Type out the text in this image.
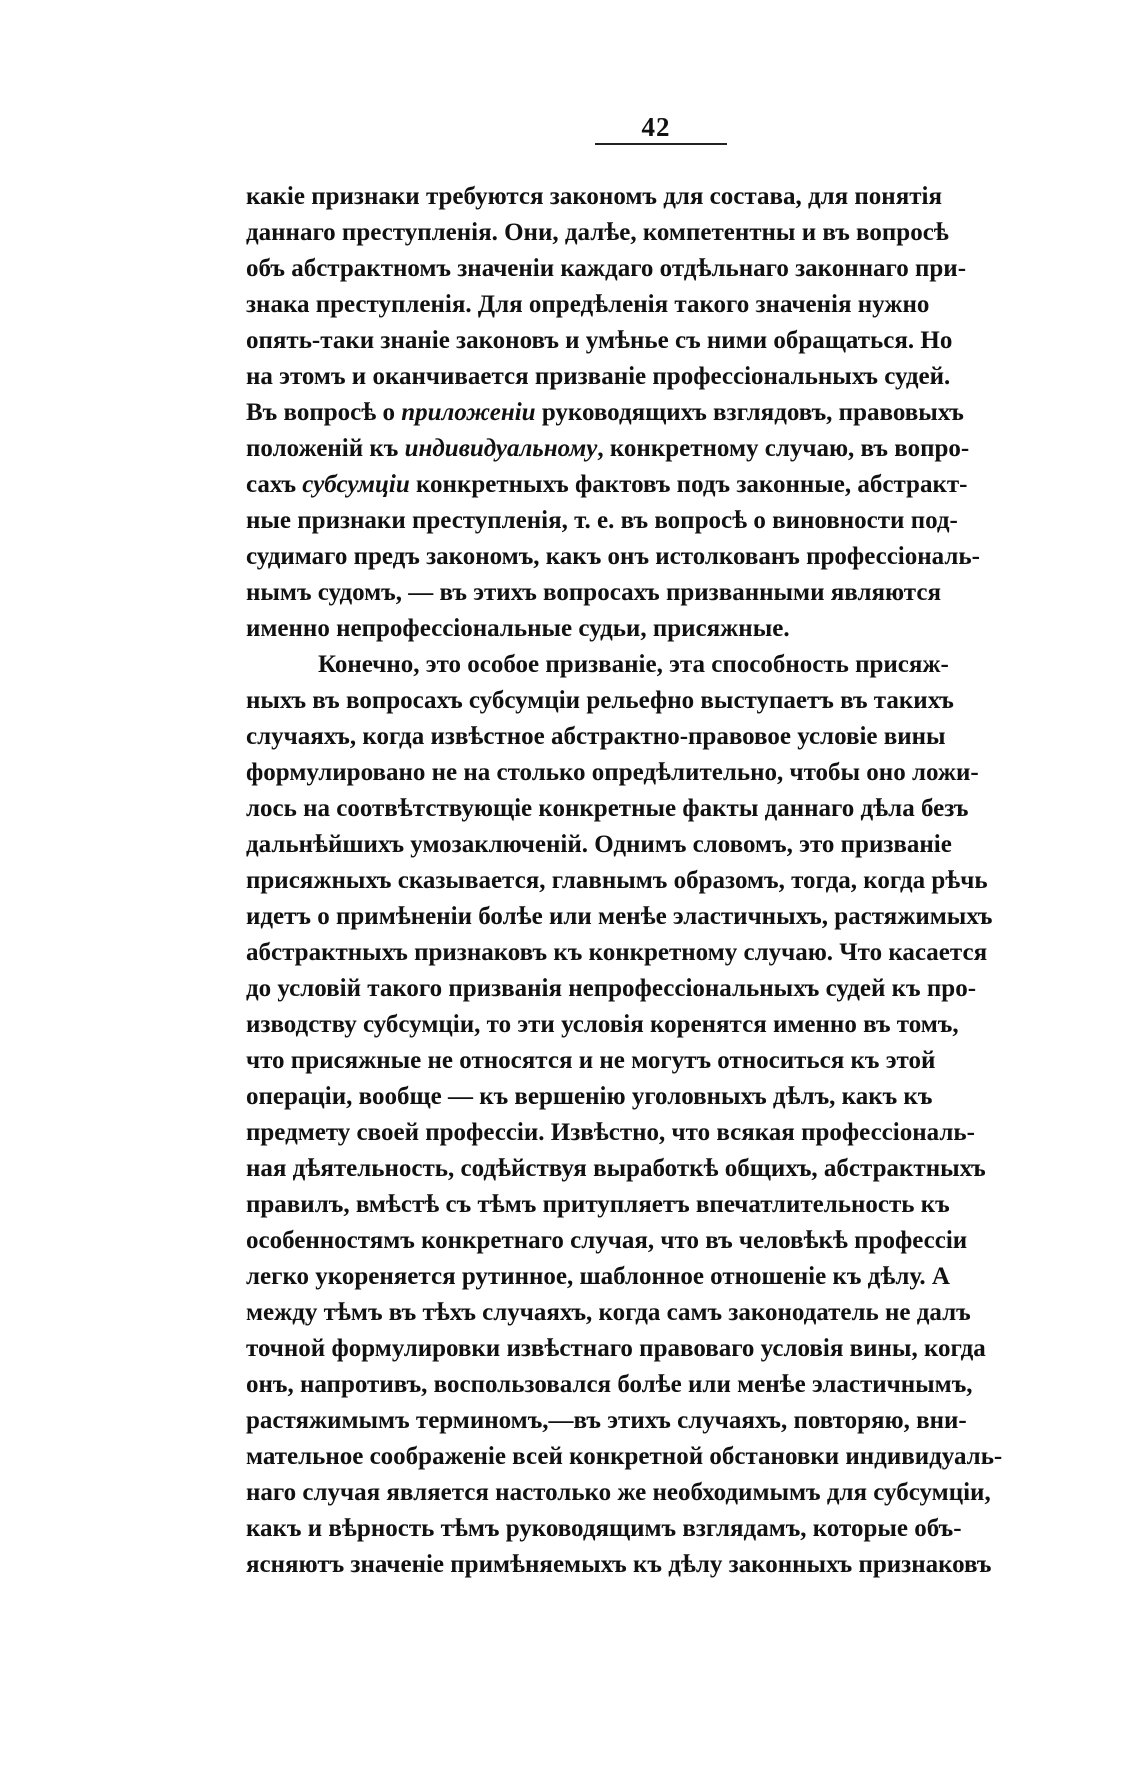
42
какіе признаки требуются закономъ для состава, для понятія
даннаго преступленія. Они, далѣе, компетентны и въ вопросѣ
объ абстрактномъ значеніи каждаго отдѣльнаго законнаго при-
знака преступленія. Для опредѣленія такого значенія нужно
опять-таки знаніе законовъ и умѣнье съ ними обращаться. Но
на этомъ и оканчивается призваніе профессіональныхъ судей.
Въ вопросѣ о приложеніи руководящихъ взглядовъ, правовыхъ
положеній къ индивидуальному, конкретному случаю, въ вопро-
сахъ субсумціи конкретныхъ фактовъ подъ законные, абстракт-
ные признаки преступленія, т. е. въ вопросѣ о виновности под-
судимаго предъ закономъ, какъ онъ истолкованъ профессіональ-
нымъ судомъ, — въ этихъ вопросахъ призванными являются
именно непрофессіональные судьи, присяжные.
Конечно, это особое призваніе, эта способность присяж-
ныхъ въ вопросахъ субсумціи рельефно выступаетъ въ такихъ
случаяхъ, когда извѣстное абстрактно-правовое условіе вины
формулировано не на столько опредѣлительно, чтобы оно ложи-
лось на соотвѣтствующіе конкретные факты даннаго дѣла безъ
дальнѣйшихъ умозаключеній. Однимъ словомъ, это призваніе
присяжныхъ сказывается, главнымъ образомъ, тогда, когда рѣчь
идетъ о примѣненіи болѣе или менѣе эластичныхъ, растяжимыхъ
абстрактныхъ признаковъ къ конкретному случаю. Что касается
до условій такого призванія непрофессіональныхъ судей къ про-
изводству субсумціи, то эти условія коренятся именно въ томъ,
что присяжные не относятся и не могутъ относиться къ этой
операціи, вообще — къ вершенію уголовныхъ дѣлъ, какъ къ
предмету своей профессіи. Извѣстно, что всякая профессіональ-
ная дѣятельность, содѣйствуя выработкѣ общихъ, абстрактныхъ
правилъ, вмѣстѣ съ тѣмъ притупляетъ впечатлительность къ
особенностямъ конкретнаго случая, что въ человѣкѣ профессіи
легко укореняется рутинное, шаблонное отношеніе къ дѣлу. А
между тѣмъ въ тѣхъ случаяхъ, когда самъ законодатель не далъ
точной формулировки извѣстнаго правоваго условія вины, когда
онъ, напротивъ, воспользовался болѣе или менѣе эластичнымъ,
растяжимымъ терминомъ,—въ этихъ случаяхъ, повторяю, вни-
мательное соображеніе всей конкретной обстановки индивидуаль-
наго случая является настолько же необходимымъ для субсумціи,
какъ и вѣрность тѣмъ руководящимъ взглядамъ, которые объ-
ясняютъ значеніе примѣняемыхъ къ дѣлу законныхъ признаковъ
